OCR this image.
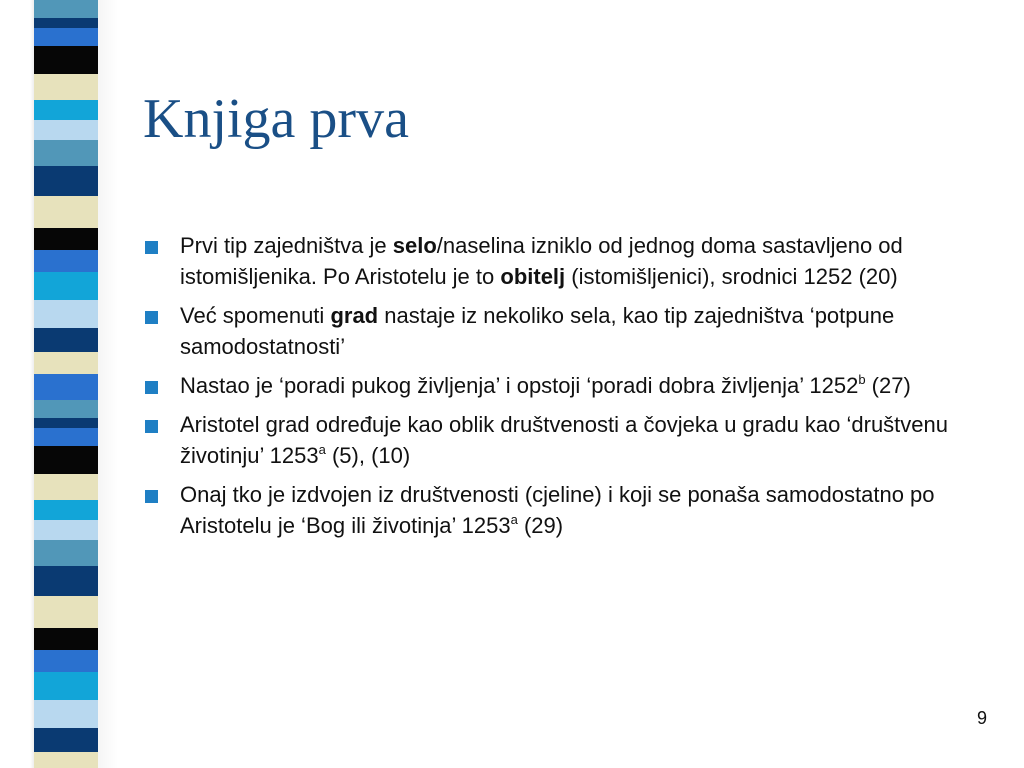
Knjiga prva
Prvi tip zajedništva je selo/naselina izniklo od jednog doma sastavljeno od istomišljenika. Po Aristotelu je to obitelj (istomišljenici), srodnici 1252 (20)
Već spomenuti grad nastaje iz nekoliko sela, kao tip zajedništva ‘potpune samodostatnosti’
Nastao je ‘poradi pukog življenja’ i opstoji ‘poradi dobra življenja’ 1252$^b$ (27)
Aristotel grad određuje kao oblik društvenosti a čovjeka u gradu kao ‘društvenu životinju’ 1253$^a$ (5), (10)
Onaj tko je izdvojen iz društvenosti (cjeline) i koji se ponaša samodostatno po Aristotelu je ‘Bog ili životinja’ 1253$^a$ (29)
9
